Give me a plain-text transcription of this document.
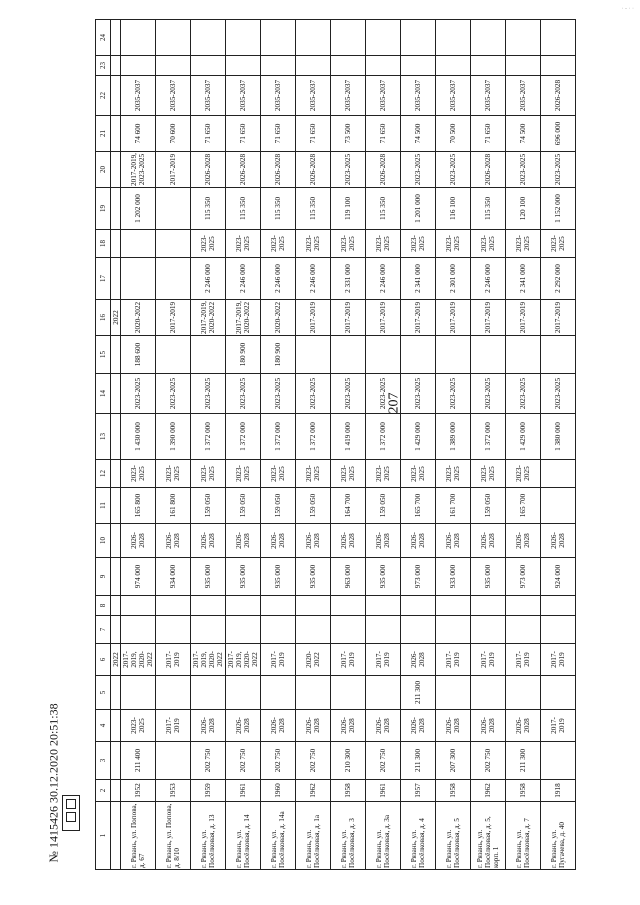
207
· - · ·
1	2	3	4	5	6	7	8	9	10	11	12	13	14	15	16	17	18	19	20	21	22	23	24
					2022										2022								
г. Рязань, ул. Попова, д. 67	1952	211 400	2023-2025		2017-2019, 2020-2022			974 000	2026-2028	165 800	2023-2025	1 430 000	2023-2025	188 600	2020-2022			1 202 000	2017-2019, 2023-2025	74 600	2035-2037		
г. Рязань, ул. Попова, д. 8/10	1953		2017-2019		2017-2019			934 000	2026-2028	161 800	2023-2025	1 390 000	2023-2025		2017-2019				2017-2019	70 600	2035-2037		
г. Рязань, ул. Посёлковая, д. 13	1959	202 750	2026-2028		2017-2019, 2020-2022			935 000	2026-2028	159 050	2023-2025	1 372 000	2023-2025		2017-2019, 2020-2022	2 246 000	2023-2025	115 350	2026-2028	71 650	2035-2037		
г. Рязань, ул. Посёлковая, д. 14	1961	202 750	2026-2028		2017-2019, 2020-2022			935 000	2026-2028	159 050	2023-2025	1 372 000	2023-2025	180 900	2017-2019, 2020-2022	2 246 000	2023-2025	115 350	2026-2028	71 650	2035-2037		
г. Рязань, ул. Посёлковая, д. 14а	1960	202 750	2026-2028		2017-2019			935 000	2026-2028	159 050	2023-2025	1 372 000	2023-2025	180 900	2020-2022	2 246 000	2023-2025	115 350	2026-2028	71 650	2035-2037		
г. Рязань, ул. Посёлковая, д. 1а	1962	202 750	2026-2028		2020-2022			935 000	2026-2028	159 050	2023-2025	1 372 000	2023-2025		2017-2019	2 246 000	2023-2025	115 350	2026-2028	71 650	2035-2037		
г. Рязань, ул. Посёлковая, д. 3	1958	210 300	2026-2028		2017-2019			963 000	2026-2028	164 700	2023-2025	1 419 000	2023-2025		2017-2019	2 331 000	2023-2025	119 100	2023-2025	73 500	2035-2037		
г. Рязань, ул. Посёлковая, д. 3а	1961	202 750	2026-2028		2017-2019			935 000	2026-2028	159 050	2023-2025	1 372 000	2023-2025		2017-2019	2 246 000	2023-2025	115 350	2026-2028	71 650	2035-2037		
г. Рязань, ул. Посёлковая, д. 4	1957	211 300	2026-2028	211 300	2026-2028			973 000	2026-2028	165 700	2023-2025	1 429 000	2023-2025		2017-2019	2 341 000	2023-2025	1 201 000	2023-2025	74 500	2035-2037		
г. Рязань, ул. Посёлковая, д. 5	1958	207 300	2026-2028		2017-2019			933 000	2026-2028	161 700	2023-2025	1 389 000	2023-2025		2017-2019	2 301 000	2023-2025	116 100	2023-2025	70 500	2035-2037		
г. Рязань, ул. Посёлковая, д. 5, корп. 1	1962	202 750	2026-2028		2017-2019			935 000	2026-2028	159 050	2023-2025	1 372 000	2023-2025		2017-2019	2 246 000	2023-2025	115 350	2026-2028	71 650	2035-2037		
г. Рязань, ул. Посёлковая, д. 7	1958	211 300	2026-2028		2017-2019			973 000	2026-2028	165 700	2023-2025	1 429 000	2023-2025		2017-2019	2 341 000	2023-2025	120 100	2023-2025	74 500	2035-2037		
г. Рязань, ул. Пугачева, д. 40	1918		2017-2019		2017-2019			924 000	2026-2028			1 380 000	2023-2025		2017-2019	2 292 000	2023-2025	1 152 000	2023-2025	696 000	2026-2028		
№ 1415426 30.12.2020 20:51:38
